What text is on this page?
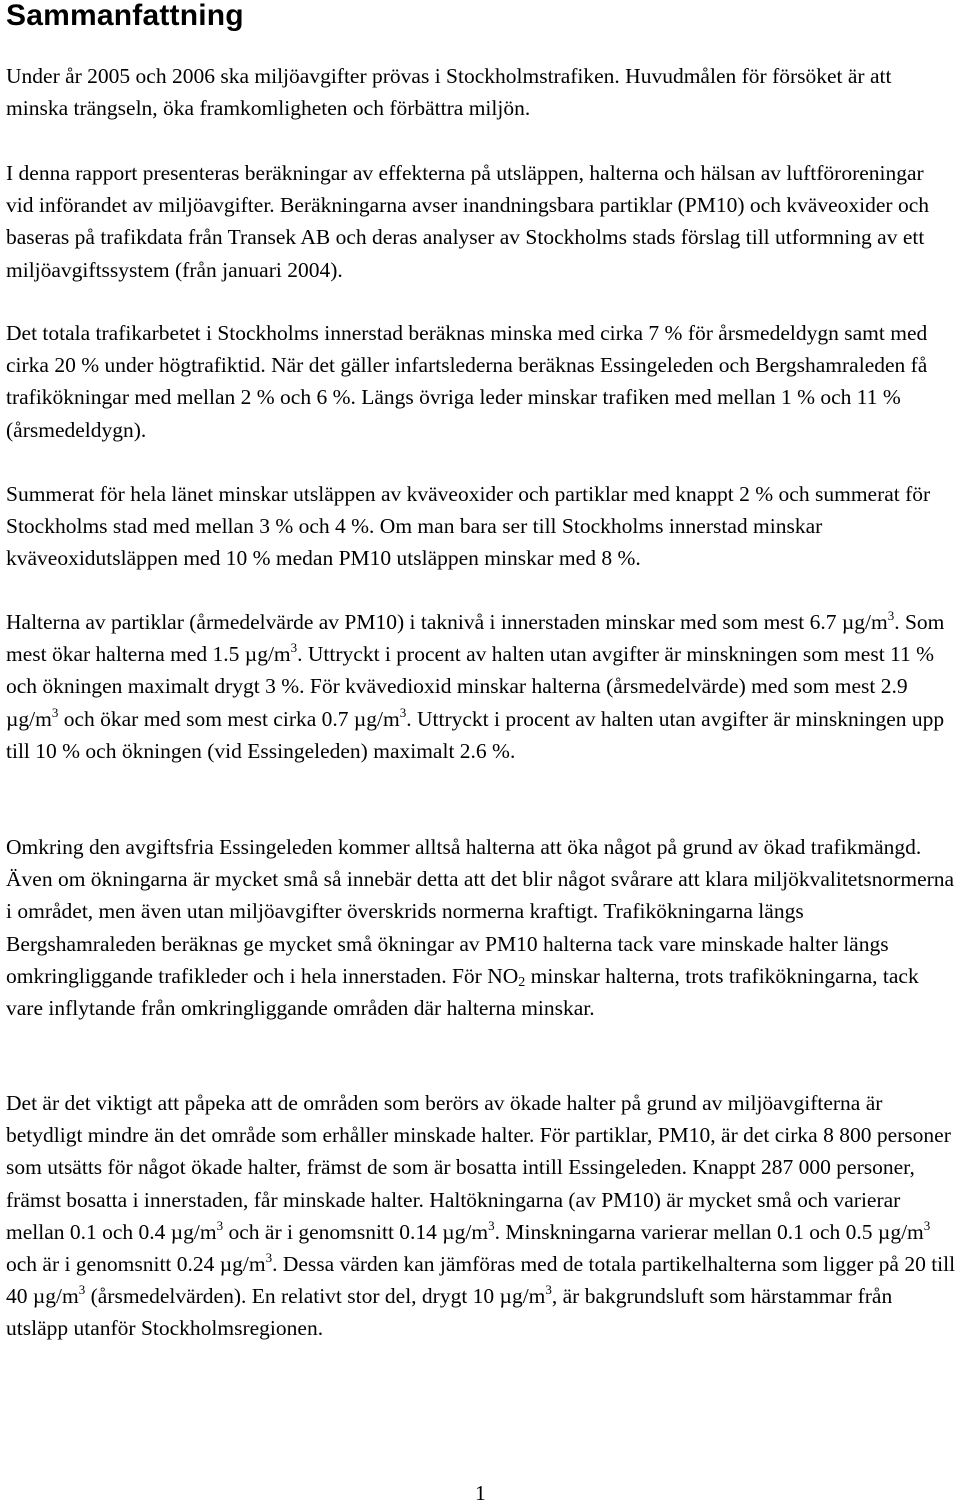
Sammanfattning

Under år 2005 och 2006 ska miljöavgifter prövas i Stockholmstrafiken. Huvudmålen för försöket är att minska trängseln, öka framkomligheten och förbättra miljön.

I denna rapport presenteras beräkningar av effekterna på utsläppen, halterna och hälsan av luftföroreningar vid införandet av miljöavgifter. Beräkningarna avser inandningsbara partiklar (PM10) och kväveoxider och baseras på trafikdata från Transek AB och deras analyser av Stockholms stads förslag till utformning av ett miljöavgiftssystem (från januari 2004).

Det totala trafikarbetet i Stockholms innerstad beräknas minska med cirka 7 % för årsmedeldygn samt med cirka 20 % under högtrafiktid. När det gäller infartslederna beräknas Essingeleden och Bergshamraleden få trafikökningar med mellan 2 % och 6 %. Längs övriga leder minskar trafiken med mellan 1 % och 11 % (årsmedeldygn).

Summerat för hela länet minskar utsläppen av kväveoxider och partiklar med knappt 2 % och summerat för Stockholms stad med mellan 3 % och 4 %. Om man bara ser till Stockholms innerstad minskar kväveoxidutsläppen med 10 % medan PM10 utsläppen minskar med 8 %.

Halterna av partiklar (årmedelvärde av PM10) i taknivå i innerstaden minskar med som mest 6.7 $\mu g/m^3$. Som mest ökar halterna med 1.5 $\mu g/m^3$. Uttryckt i procent av halten utan avgifter är minskningen som mest 11 % och ökningen maximalt drygt 3 %. För kvävedioxid minskar halterna (årsmedelvärde) med som mest 2.9 $\mu g/m^3$ och ökar med som mest cirka 0.7 $\mu g/m^3$. Uttryckt i procent av halten utan avgifter är minskningen upp till 10 % och ökningen (vid Essingeleden) maximalt 2.6 %.

Omkring den avgiftsfria Essingeleden kommer alltså halterna att öka något på grund av ökad trafikmängd. Även om ökningarna är mycket små så innebär detta att det blir något svårare att klara miljökvalitetsnormerna i området, men även utan miljöavgifter överskrids normerna kraftigt. Trafikökningarna längs Bergshamraleden beräknas ge mycket små ökningar av PM10 halterna tack vare minskade halter längs omkringliggande trafikleder och i hela innerstaden. För $NO_2$ minskar halterna, trots trafikökningarna, tack vare inflytande från omkringliggande områden där halterna minskar.

Det är det viktigt att påpeka att de områden som berörs av ökade halter på grund av miljöavgifterna är betydligt mindre än det område som erhåller minskade halter. För partiklar, PM10, är det cirka 8 800 personer som utsätts för något ökade halter, främst de som är bosatta intill Essingeleden. Knappt 287 000 personer, främst bosatta i innerstaden, får minskade halter. Haltökningarna (av PM10) är mycket små och varierar mellan 0.1 och 0.4 $\mu g/m^3$ och är i genomsnitt 0.14 $\mu g/m^3$. Minskningarna varierar mellan 0.1 och 0.5 $\mu g/m^3$ och är i genomsnitt 0.24 $\mu g/m^3$. Dessa värden kan jämföras med de totala partikelhalterna som ligger på 20 till 40 $\mu g/m^3$ (årsmedelvärden). En relativt stor del, drygt 10 $\mu g/m^3$, är bakgrundsluft som härstammar från utsläpp utanför Stockholmsregionen.

1
